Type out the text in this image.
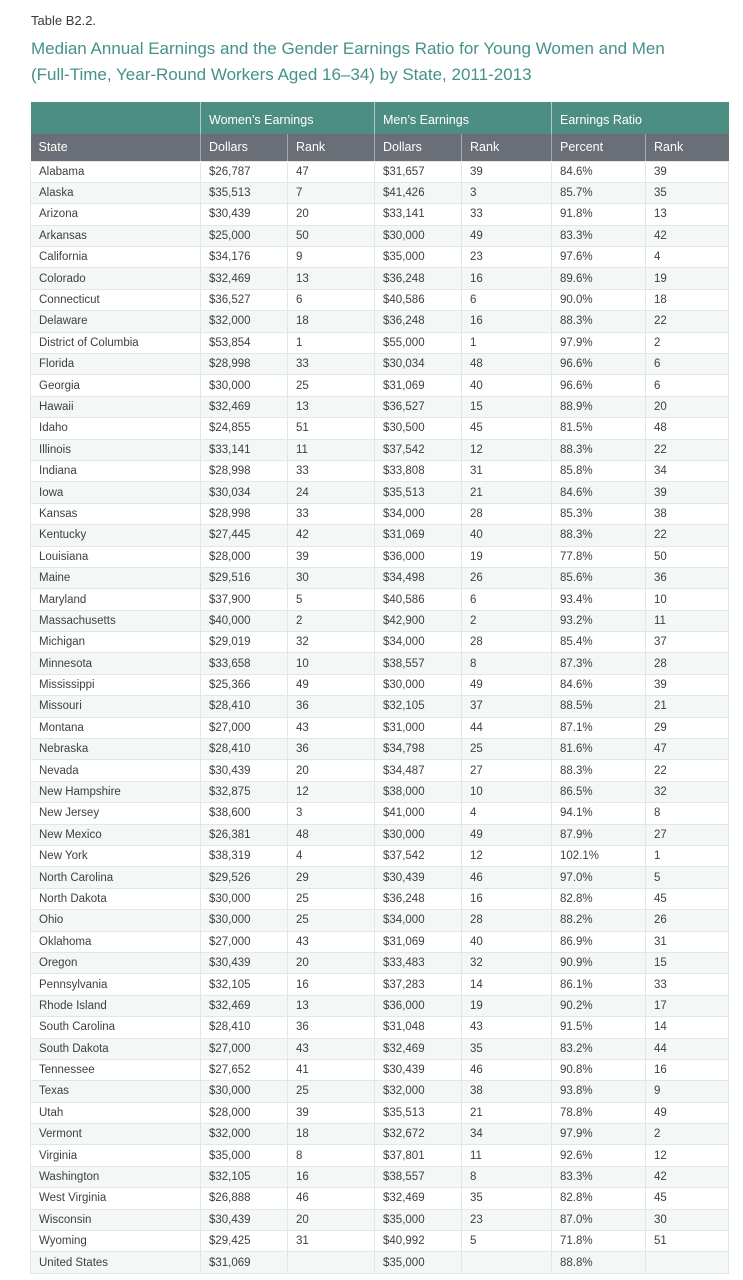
Table B2.2.

Median Annual Earnings and the Gender Earnings Ratio for Young Women and Men
(Full-Time, Year-Round Workers Aged 16–34) by State, 2011-2013
	Women’s Earnings		Men’s Earnings		Earnings Ratio	
State	Dollars	Rank	Dollars	Rank	Percent	Rank
Alabama	$26,787	47	$31,657	39	84.6%	39
Alaska	$35,513	7	$41,426	3	85.7%	35
Arizona	$30,439	20	$33,141	33	91.8%	13
Arkansas	$25,000	50	$30,000	49	83.3%	42
California	$34,176	9	$35,000	23	97.6%	4
Colorado	$32,469	13	$36,248	16	89.6%	19
Connecticut	$36,527	6	$40,586	6	90.0%	18
Delaware	$32,000	18	$36,248	16	88.3%	22
District of Columbia	$53,854	1	$55,000	1	97.9%	2
Florida	$28,998	33	$30,034	48	96.6%	6
Georgia	$30,000	25	$31,069	40	96.6%	6
Hawaii	$32,469	13	$36,527	15	88.9%	20
Idaho	$24,855	51	$30,500	45	81.5%	48
Illinois	$33,141	11	$37,542	12	88.3%	22
Indiana	$28,998	33	$33,808	31	85.8%	34
Iowa	$30,034	24	$35,513	21	84.6%	39
Kansas	$28,998	33	$34,000	28	85.3%	38
Kentucky	$27,445	42	$31,069	40	88.3%	22
Louisiana	$28,000	39	$36,000	19	77.8%	50
Maine	$29,516	30	$34,498	26	85.6%	36
Maryland	$37,900	5	$40,586	6	93.4%	10
Massachusetts	$40,000	2	$42,900	2	93.2%	11
Michigan	$29,019	32	$34,000	28	85.4%	37
Minnesota	$33,658	10	$38,557	8	87.3%	28
Mississippi	$25,366	49	$30,000	49	84.6%	39
Missouri	$28,410	36	$32,105	37	88.5%	21
Montana	$27,000	43	$31,000	44	87.1%	29
Nebraska	$28,410	36	$34,798	25	81.6%	47
Nevada	$30,439	20	$34,487	27	88.3%	22
New Hampshire	$32,875	12	$38,000	10	86.5%	32
New Jersey	$38,600	3	$41,000	4	94.1%	8
New Mexico	$26,381	48	$30,000	49	87.9%	27
New York	$38,319	4	$37,542	12	102.1%	1
North Carolina	$29,526	29	$30,439	46	97.0%	5
North Dakota	$30,000	25	$36,248	16	82.8%	45
Ohio	$30,000	25	$34,000	28	88.2%	26
Oklahoma	$27,000	43	$31,069	40	86.9%	31
Oregon	$30,439	20	$33,483	32	90.9%	15
Pennsylvania	$32,105	16	$37,283	14	86.1%	33
Rhode Island	$32,469	13	$36,000	19	90.2%	17
South Carolina	$28,410	36	$31,048	43	91.5%	14
South Dakota	$27,000	43	$32,469	35	83.2%	44
Tennessee	$27,652	41	$30,439	46	90.8%	16
Texas	$30,000	25	$32,000	38	93.8%	9
Utah	$28,000	39	$35,513	21	78.8%	49
Vermont	$32,000	18	$32,672	34	97.9%	2
Virginia	$35,000	8	$37,801	11	92.6%	12
Washington	$32,105	16	$38,557	8	83.3%	42
West Virginia	$26,888	46	$32,469	35	82.8%	45
Wisconsin	$30,439	20	$35,000	23	87.0%	30
Wyoming	$29,425	31	$40,992	5	71.8%	51
United States	$31,069		$35,000		88.8%	
